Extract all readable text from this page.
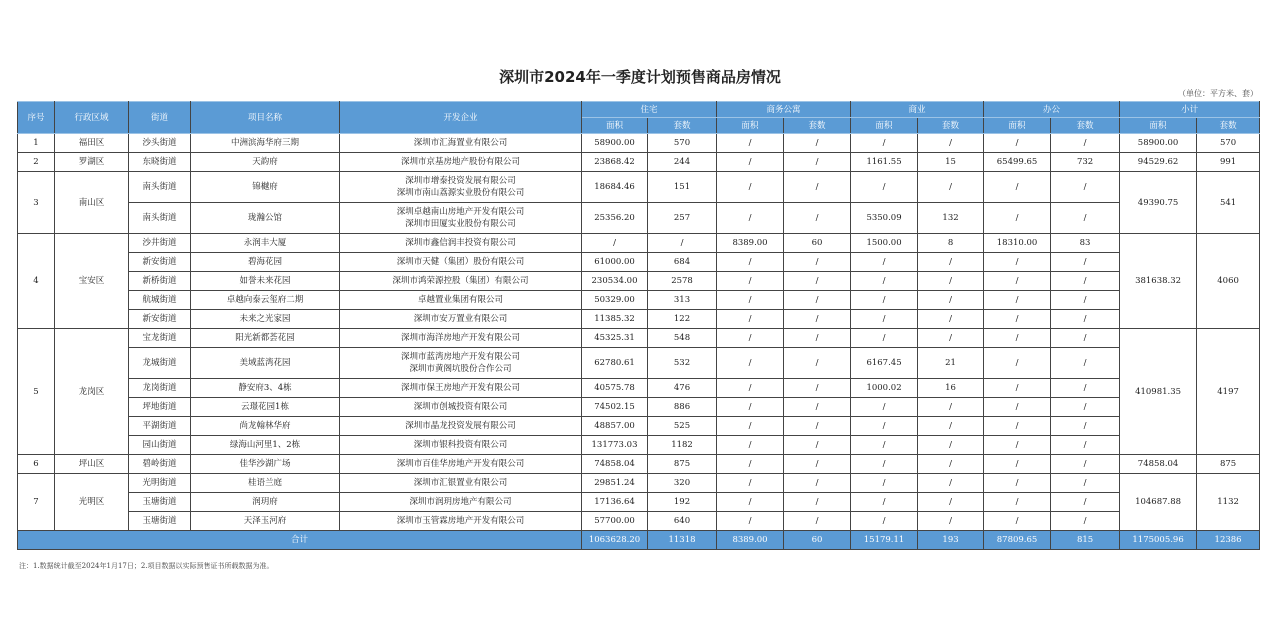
深圳市2024年一季度计划预售商品房情况
（单位：平方米、套）
序号	行政区域	街道	项目名称	开发企业	住宅		商务公寓		商业		办公		小计	
					面积	套数	面积	套数	面积	套数	面积	套数	面积	套数
1	福田区	沙头街道	中洲滨海华府三期	深圳市汇海置业有限公司	58900.00	570	/	/	/	/	/	/	58900.00	570
2	罗湖区	东晓街道	天韵府	深圳市京基房地产股份有限公司	23868.42	244	/	/	1161.55	15	65499.65	732	94529.62	991
3	南山区	南头街道	锦樾府	深圳市增泰投资发展有限公司
深圳市南山荔源实业股份有限公司	18684.46	151	/	/	/	/	/	/	49390.75	541
		南头街道	珑瀚公馆	深圳卓越南山房地产开发有限公司
深圳市田厦实业股份有限公司	25356.20	257	/	/	5350.09	132	/	/		
4	宝安区	沙井街道	永润丰大厦	深圳市鑫信润丰投资有限公司	/	/	8389.00	60	1500.00	8	18310.00	83	381638.32	4060
		新安街道	碧海花园	深圳市天健（集团）股份有限公司	61000.00	684	/	/	/	/	/	/		
		新桥街道	如誉未来花园	深圳市鸿荣源控股（集团）有限公司	230534.00	2578	/	/	/	/	/	/		
		航城街道	卓越向泰云玺府二期	卓越置业集团有限公司	50329.00	313	/	/	/	/	/	/		
		新安街道	未来之光家园	深圳市安万置业有限公司	11385.32	122	/	/	/	/	/	/		
5	龙岗区	宝龙街道	阳光新都荟花园	深圳市海洋房地产开发有限公司	45325.31	548	/	/	/	/	/	/	410981.35	4197
		龙城街道	美域蓝湾花园	深圳市蓝湾房地产开发有限公司
深圳市黄阁坑股份合作公司	62780.61	532	/	/	6167.45	21	/	/		
		龙岗街道	静安府3、4栋	深圳市保王房地产开发有限公司	40575.78	476	/	/	1000.02	16	/	/		
		坪地街道	云璟花园1栋	深圳市创城投资有限公司	74502.15	886	/	/	/	/	/	/		
		平湖街道	尚龙翰林华府	深圳市晶龙投资发展有限公司	48857.00	525	/	/	/	/	/	/		
		园山街道	绿海山河里1、2栋	深圳市银科投资有限公司	131773.03	1182	/	/	/	/	/	/		
6	坪山区	碧岭街道	佳华沙湖广场	深圳市百佳华房地产开发有限公司	74858.04	875	/	/	/	/	/	/	74858.04	875
7	光明区	光明街道	桂语兰庭	深圳市汇银置业有限公司	29851.24	320	/	/	/	/	/	/	104687.88	1132
		玉塘街道	润玥府	深圳市润玥房地产有限公司	17136.64	192	/	/	/	/	/	/		
		玉塘街道	天泽玉河府	深圳市玉管霖房地产开发有限公司	57700.00	640	/	/	/	/	/	/		
合计					1063628.20	11318	8389.00	60	15179.11	193	87809.65	815	1175005.96	12386
注：1.数据统计截至2024年1月17日；2.项目数据以实际预售证书所载数据为准。
